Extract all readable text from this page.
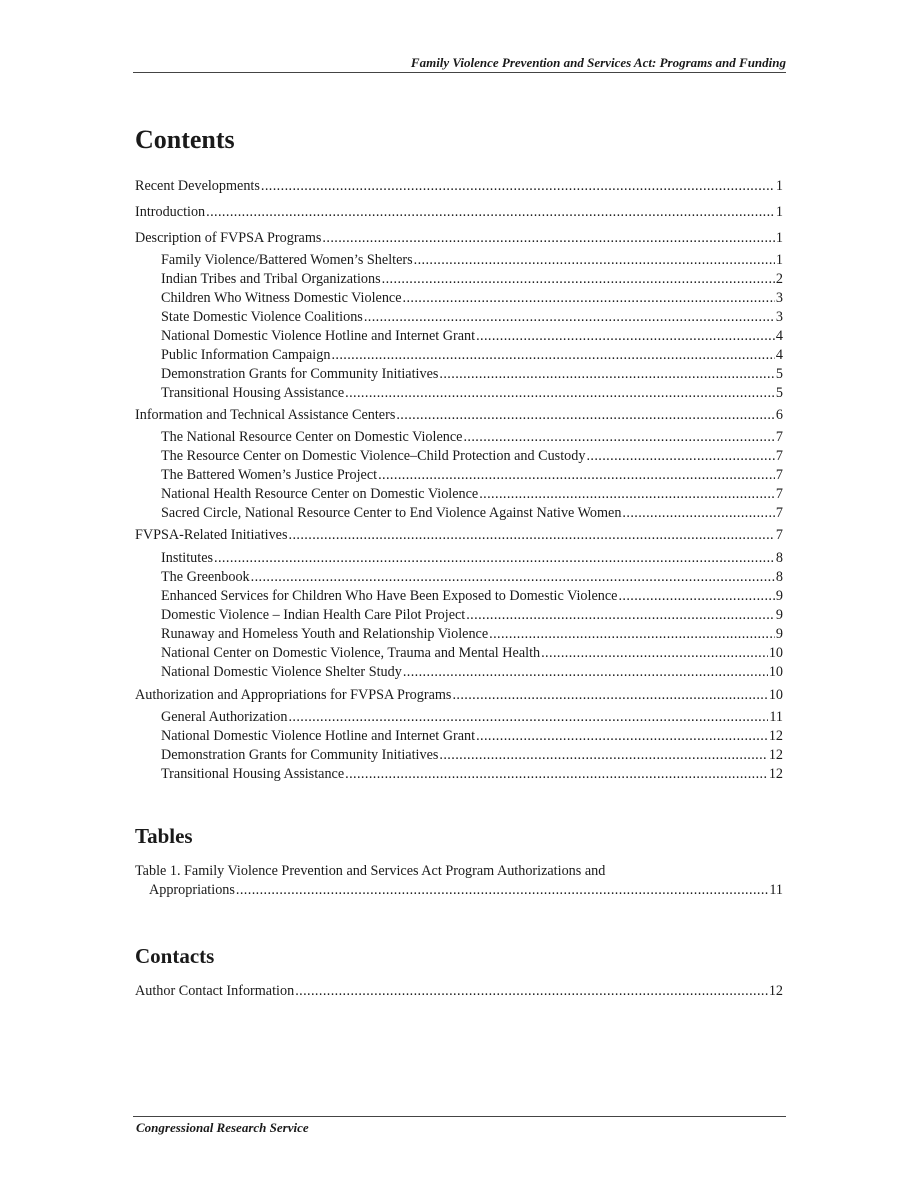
Family Violence Prevention and Services Act: Programs and Funding
Contents
Recent Developments .....	1
Introduction .....	1
Description of FVPSA Programs .....	1
Family Violence/Battered Women’s Shelters .....	1
Indian Tribes and Tribal Organizations .....	2
Children Who Witness Domestic Violence .....	3
State Domestic Violence Coalitions .....	3
National Domestic Violence Hotline and Internet Grant .....	4
Public Information Campaign .....	4
Demonstration Grants for Community Initiatives .....	5
Transitional Housing Assistance .....	5
Information and Technical Assistance Centers .....	6
The National Resource Center on Domestic Violence .....	7
The Resource Center on Domestic Violence–Child Protection and Custody .....	7
The Battered Women’s Justice Project .....	7
National Health Resource Center on Domestic Violence .....	7
Sacred Circle, National Resource Center to End Violence Against Native Women .....	7
FVPSA-Related Initiatives .....	7
Institutes .....	8
The Greenbook .....	8
Enhanced Services for Children Who Have Been Exposed to Domestic Violence .....	9
Domestic Violence – Indian Health Care Pilot Project .....	9
Runaway and Homeless Youth and Relationship Violence .....	9
National Center on Domestic Violence, Trauma and Mental Health .....	10
National Domestic Violence Shelter Study .....	10
Authorization and Appropriations for FVPSA Programs .....	10
General Authorization .....	11
National Domestic Violence Hotline and Internet Grant .....	12
Demonstration Grants for Community Initiatives .....	12
Transitional Housing Assistance .....	12
Tables
Table 1. Family Violence Prevention and Services Act Program Authorizations and
Appropriations .....	11
Contacts
Author Contact Information .....	12
Congressional Research Service
